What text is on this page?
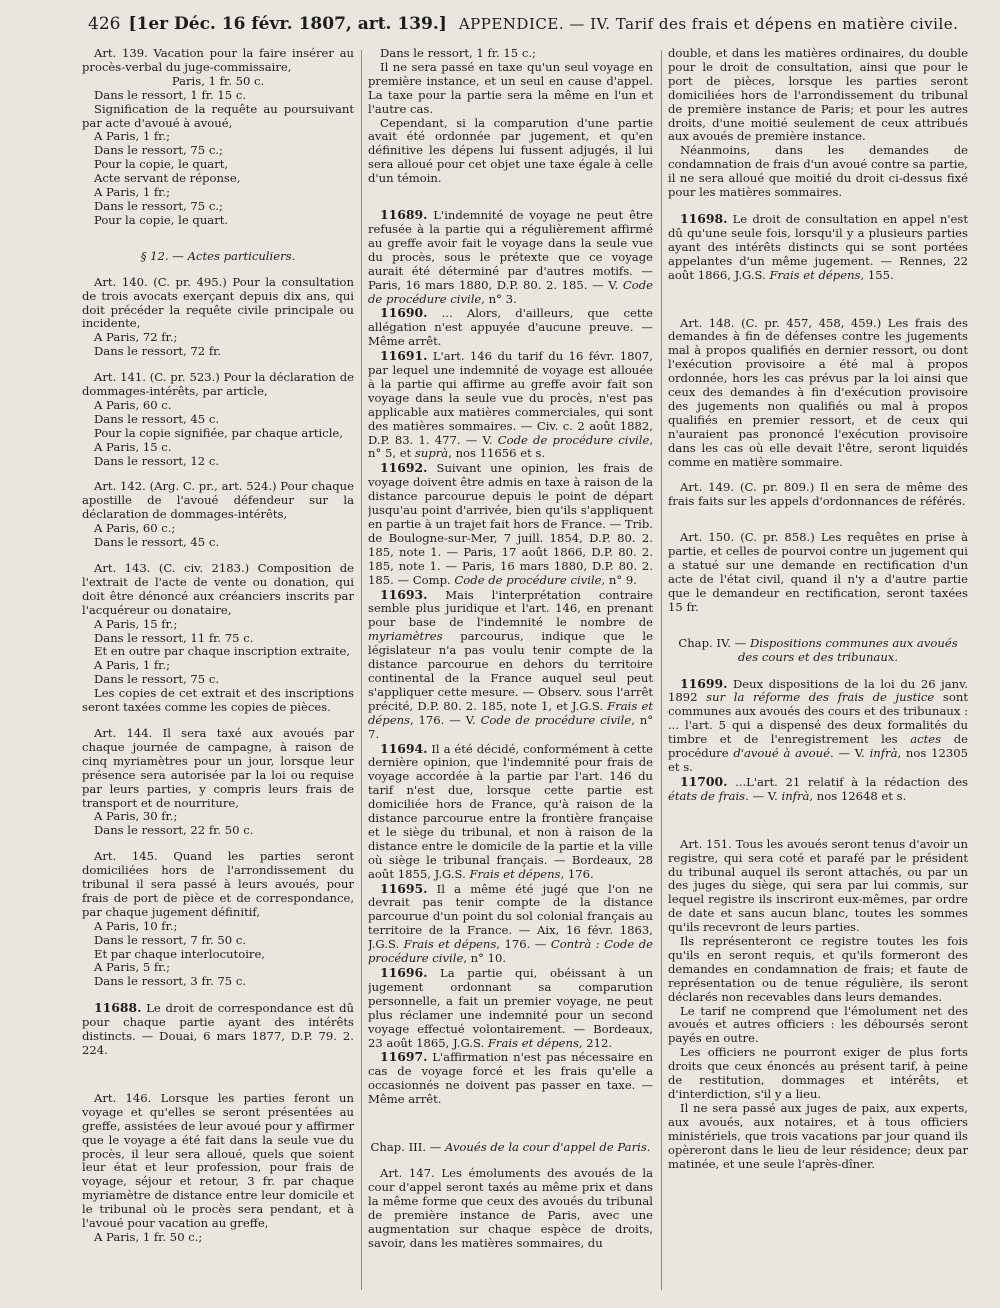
426 [1er Déc. 16 févr. 1807, art. 139.] APPENDICE. — IV. Tarif des frais et dépens en matière civile.

Art. 139. Vacation pour la faire insérer au procès-verbal du juge-commissaire,

Paris, 1 fr. 50 c.

Dans le ressort, 1 fr. 15 c.

Signification de la requête au poursuivant par acte d'avoué à avoué,

A Paris, 1 fr.;

Dans le ressort, 75 c.;

Pour la copie, le quart,

Acte servant de réponse,

A Paris, 1 fr.;

Dans le ressort, 75 c.;

Pour la copie, le quart.

§ 12. — Actes particuliers.

Art. 140. (C. pr. 495.) Pour la consultation de trois avocats exerçant depuis dix ans, qui doit précéder la requête civile principale ou incidente,

A Paris, 72 fr.;

Dans le ressort, 72 fr.

Art. 141. (C. pr. 523.) Pour la déclaration de dommages-intérêts, par article,

A Paris, 60 c.

Dans le ressort, 45 c.

Pour la copie signifiée, par chaque article,

A Paris, 15 c.

Dans le ressort, 12 c.

Art. 142. (Arg. C. pr., art. 524.) Pour chaque apostille de l'avoué défendeur sur la déclaration de dommages-intérêts,

A Paris, 60 c.;

Dans le ressort, 45 c.

Art. 143. (C. civ. 2183.) Composition de l'extrait de l'acte de vente ou donation, qui doit être dénoncé aux créanciers inscrits par l'acquéreur ou donataire,

A Paris, 15 fr.;

Dans le ressort, 11 fr. 75 c.

Et en outre par chaque inscription extraite,

A Paris, 1 fr.;

Dans le ressort, 75 c.

Les copies de cet extrait et des inscriptions seront taxées comme les copies de pièces.

Art. 144. Il sera taxé aux avoués par chaque journée de campagne, à raison de cinq myriamètres pour un jour, lorsque leur présence sera autorisée par la loi ou requise par leurs parties, y compris leurs frais de transport et de nourriture,

A Paris, 30 fr.;

Dans le ressort, 22 fr. 50 c.

Art. 145. Quand les parties seront domiciliées hors de l'arrondissement du tribunal il sera passé à leurs avoués, pour frais de port de pièce et de correspondance, par chaque jugement définitif,

A Paris, 10 fr.;

Dans le ressort, 7 fr. 50 c.

Et par chaque interlocutoire,

A Paris, 5 fr.;

Dans le ressort, 3 fr. 75 c.

11688. Le droit de correspondance est dû pour chaque partie ayant des intérêts distincts. — Douai, 6 mars 1877, D.P. 79. 2. 224.

Art. 146. Lorsque les parties feront un voyage et qu'elles se seront présentées au greffe, assistées de leur avoué pour y affirmer que le voyage a été fait dans la seule vue du procès, il leur sera alloué, quels que soient leur état et leur profession, pour frais de voyage, séjour et retour, 3 fr. par chaque myriamètre de distance entre leur domicile et le tribunal où le procès sera pendant, et à l'avoué pour vacation au greffe,

A Paris, 1 fr. 50 c.;

Dans le ressort, 1 fr. 15 c.;

Il ne sera passé en taxe qu'un seul voyage en première instance, et un seul en cause d'appel. La taxe pour la partie sera la même en l'un et l'autre cas.

Cependant, si la comparution d'une partie avait été ordonnée par jugement, et qu'en définitive les dépens lui fussent adjugés, il lui sera alloué pour cet objet une taxe égale à celle d'un témoin.

11689. L'indemnité de voyage ne peut être refusée à la partie qui a régulièrement affirmé au greffe avoir fait le voyage dans la seule vue du procès, sous le prétexte que ce voyage aurait été déterminé par d'autres motifs. — Paris, 16 mars 1880, D.P. 80. 2. 185. — V. Code de procédure civile, n° 3.

11690. ... Alors, d'ailleurs, que cette allégation n'est appuyée d'aucune preuve. — Même arrêt.

11691. L'art. 146 du tarif du 16 févr. 1807, par lequel une indemnité de voyage est allouée à la partie qui affirme au greffe avoir fait son voyage dans la seule vue du procès, n'est pas applicable aux matières commerciales, qui sont des matières sommaires. — Civ. c. 2 août 1882, D.P. 83. 1. 477. — V. Code de procédure civile, n° 5, et suprà, nos 11656 et s.

11692. Suivant une opinion, les frais de voyage doivent être admis en taxe à raison de la distance parcourue depuis le point de départ jusqu'au point d'arrivée, bien qu'ils s'appliquent en partie à un trajet fait hors de France. — Trib. de Boulogne-sur-Mer, 7 juill. 1854, D.P. 80. 2. 185, note 1. — Paris, 17 août 1866, D.P. 80. 2. 185, note 1. — Paris, 16 mars 1880, D.P. 80. 2. 185. — Comp. Code de procédure civile, n° 9.

11693. Mais l'interprétation contraire semble plus juridique et l'art. 146, en prenant pour base de l'indemnité le nombre de myriamètres parcourus, indique que le législateur n'a pas voulu tenir compte de la distance parcourue en dehors du territoire continental de la France auquel seul peut s'appliquer cette mesure. — Observ. sous l'arrêt précité, D.P. 80. 2. 185, note 1, et J.G.S. Frais et dépens, 176. — V. Code de procédure civile, n° 7.

11694. Il a été décidé, conformément à cette dernière opinion, que l'indemnité pour frais de voyage accordée à la partie par l'art. 146 du tarif n'est due, lorsque cette partie est domiciliée hors de France, qu'à raison de la distance parcourue entre la frontière française et le siège du tribunal, et non à raison de la distance entre le domicile de la partie et la ville où siège le tribunal français. — Bordeaux, 28 août 1855, J.G.S. Frais et dépens, 176.

11695. Il a même été jugé que l'on ne devrait pas tenir compte de la distance parcourue d'un point du sol colonial français au territoire de la France. — Aix, 16 févr. 1863, J.G.S. Frais et dépens, 176. — Contrà : Code de procédure civile, n° 10.

11696. La partie qui, obéissant à un jugement ordonnant sa comparution personnelle, a fait un premier voyage, ne peut plus réclamer une indemnité pour un second voyage effectué volontairement. — Bordeaux, 23 août 1865, J.G.S. Frais et dépens, 212.

11697. L'affirmation n'est pas nécessaire en cas de voyage forcé et les frais qu'elle a occasionnés ne doivent pas passer en taxe. — Même arrêt.

Chap. III. — Avoués de la cour d'appel de Paris.

Art. 147. Les émoluments des avoués de la cour d'appel seront taxés au même prix et dans la même forme que ceux des avoués du tribunal de première instance de Paris, avec une augmentation sur chaque espèce de droits, savoir, dans les matières sommaires, du

double, et dans les matières ordinaires, du double pour le droit de consultation, ainsi que pour le port de pièces, lorsque les parties seront domiciliées hors de l'arrondissement du tribunal de première instance de Paris; et pour les autres droits, d'une moitié seulement de ceux attribués aux avoués de première instance.

Néanmoins, dans les demandes de condamnation de frais d'un avoué contre sa partie, il ne sera alloué que moitié du droit ci-dessus fixé pour les matières sommaires.

11698. Le droit de consultation en appel n'est dû qu'une seule fois, lorsqu'il y a plusieurs parties ayant des intérêts distincts qui se sont portées appelantes d'un même jugement. — Rennes, 22 août 1866, J.G.S. Frais et dépens, 155.

Art. 148. (C. pr. 457, 458, 459.) Les frais des demandes à fin de défenses contre les jugements mal à propos qualifiés en dernier ressort, ou dont l'exécution provisoire a été mal à propos ordonnée, hors les cas prévus par la loi ainsi que ceux des demandes à fin d'exécution provisoire des jugements non qualifiés ou mal à propos qualifiés en premier ressort, et de ceux qui n'auraient pas prononcé l'exécution provisoire dans les cas où elle devait l'être, seront liquidés comme en matière sommaire.

Art. 149. (C. pr. 809.) Il en sera de même des frais faits sur les appels d'ordonnances de référés.

Art. 150. (C. pr. 858.) Les requêtes en prise à partie, et celles de pourvoi contre un jugement qui a statué sur une demande en rectification d'un acte de l'état civil, quand il n'y a d'autre partie que le demandeur en rectification, seront taxées 15 fr.

Chap. IV. — Dispositions communes aux avoués des cours et des tribunaux.

11699. Deux dispositions de la loi du 26 janv. 1892 sur la réforme des frais de justice sont communes aux avoués des cours et des tribunaux : ... l'art. 5 qui a dispensé des deux formalités du timbre et de l'enregistrement les actes de procédure d'avoué à avoué. — V. infrà, nos 12305 et s.

11700. ...L'art. 21 relatif à la rédaction des états de frais. — V. infrà, nos 12648 et s.

Art. 151. Tous les avoués seront tenus d'avoir un registre, qui sera coté et parafé par le président du tribunal auquel ils seront attachés, ou par un des juges du siège, qui sera par lui commis, sur lequel registre ils inscriront eux-mêmes, par ordre de date et sans aucun blanc, toutes les sommes qu'ils recevront de leurs parties.

Ils représenteront ce registre toutes les fois qu'ils en seront requis, et qu'ils formeront des demandes en condamnation de frais; et faute de représentation ou de tenue régulière, ils seront déclarés non recevables dans leurs demandes.

Le tarif ne comprend que l'émolument net des avoués et autres officiers : les déboursés seront payés en outre.

Les officiers ne pourront exiger de plus forts droits que ceux énoncés au présent tarif, à peine de restitution, dommages et intérêts, et d'interdiction, s'il y a lieu.

Il ne sera passé aux juges de paix, aux experts, aux avoués, aux notaires, et à tous officiers ministériels, que trois vacations par jour quand ils opèreront dans le lieu de leur résidence; deux par matinée, et une seule l'après-dîner.
